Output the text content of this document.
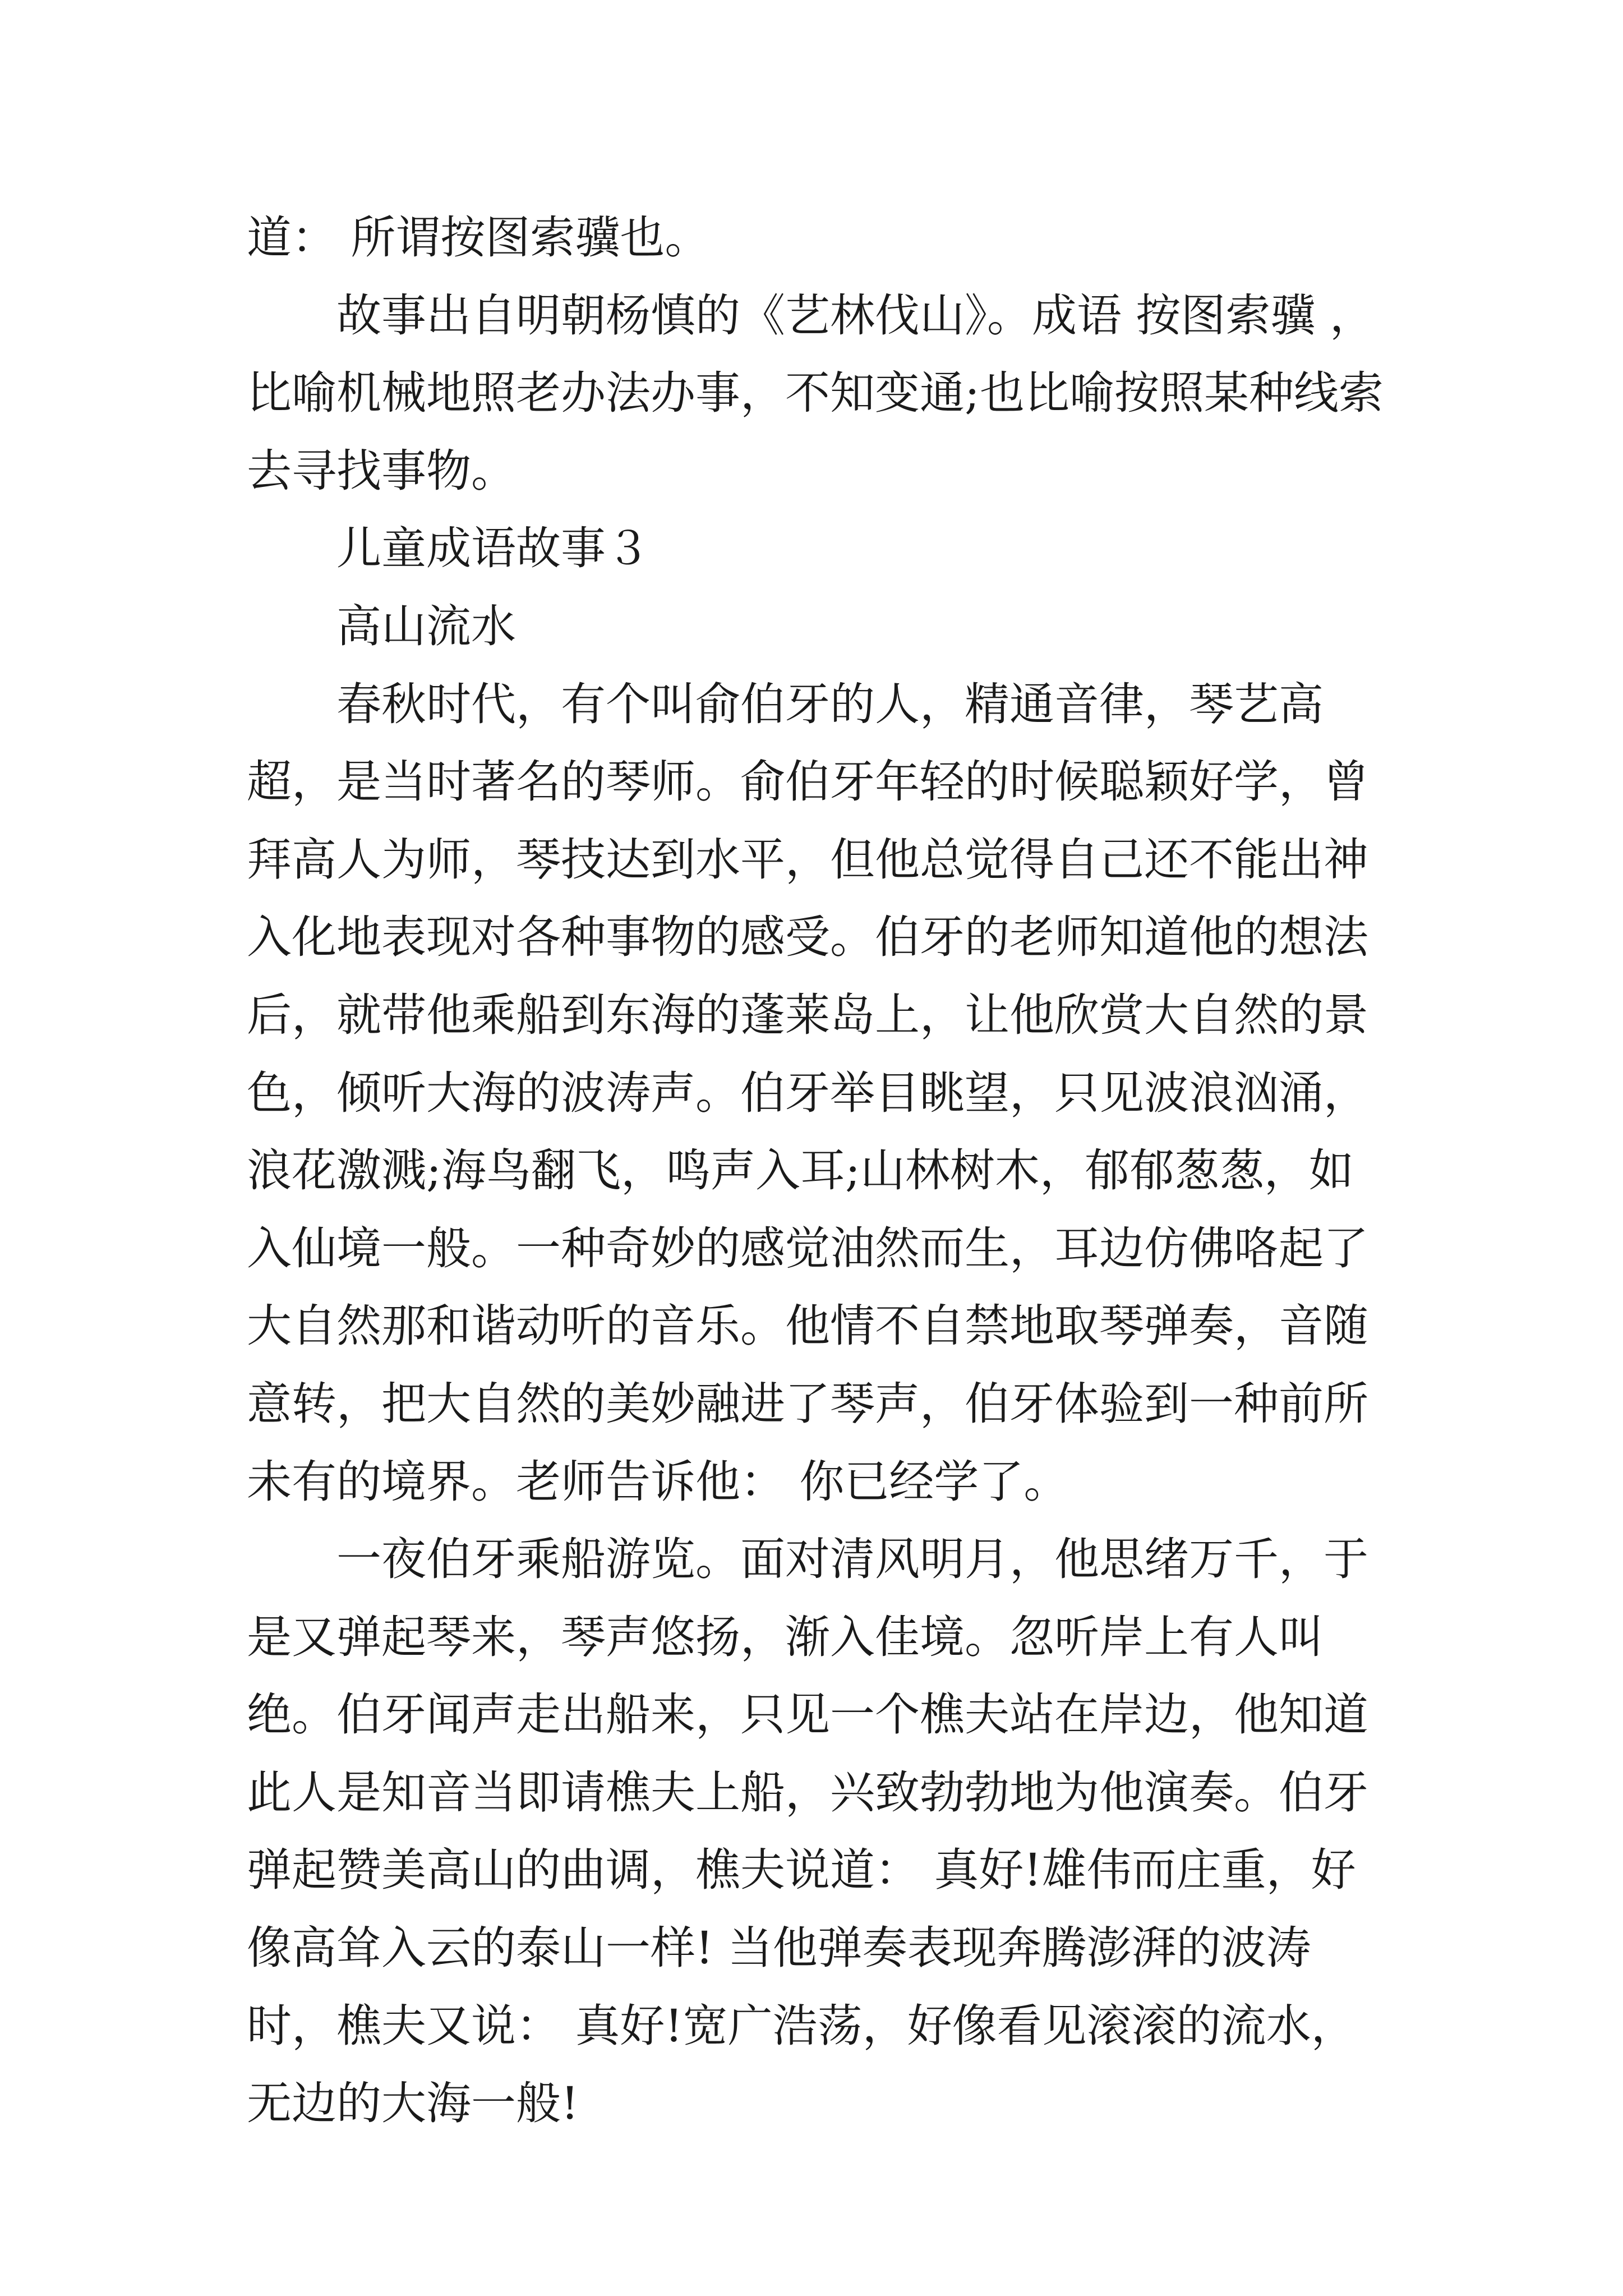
道： 所谓按图索骥也。

故事出自明朝杨慎的《艺林伐山》。成语 按图索骥 ，比喻机械地照老办法办事，不知变通;也比喻按照某种线索去寻找事物。

儿童成语故事３

高山流水

春秋时代，有个叫俞伯牙的人，精通音律，琴艺高超，是当时著名的琴师。俞伯牙年轻的时候聪颖好学，曾拜高人为师，琴技达到水平，但他总觉得自己还不能出神入化地表现对各种事物的感受。伯牙的老师知道他的想法后，就带他乘船到东海的蓬莱岛上，让他欣赏大自然的景色，倾听大海的波涛声。伯牙举目眺望，只见波浪汹涌，浪花激溅;海鸟翻飞，鸣声入耳;山林树木，郁郁葱葱，如入仙境一般。一种奇妙的感觉油然而生，耳边仿佛咯起了大自然那和谐动听的音乐。他情不自禁地取琴弹奏，音随意转，把大自然的美妙融进了琴声，伯牙体验到一种前所未有的境界。老师告诉他： 你已经学了。

一夜伯牙乘船游览。面对清风明月，他思绪万千，于是又弹起琴来，琴声悠扬，渐入佳境。忽听岸上有人叫绝。伯牙闻声走出船来，只见一个樵夫站在岸边，他知道此人是知音当即请樵夫上船，兴致勃勃地为他演奏。伯牙弹起赞美高山的曲调，樵夫说道： 真好!雄伟而庄重，好像高耸入云的泰山一样! 当他弹奏表现奔腾澎湃的波涛时，樵夫又说： 真好!宽广浩荡，好像看见滚滚的流水，无边的大海一般!
